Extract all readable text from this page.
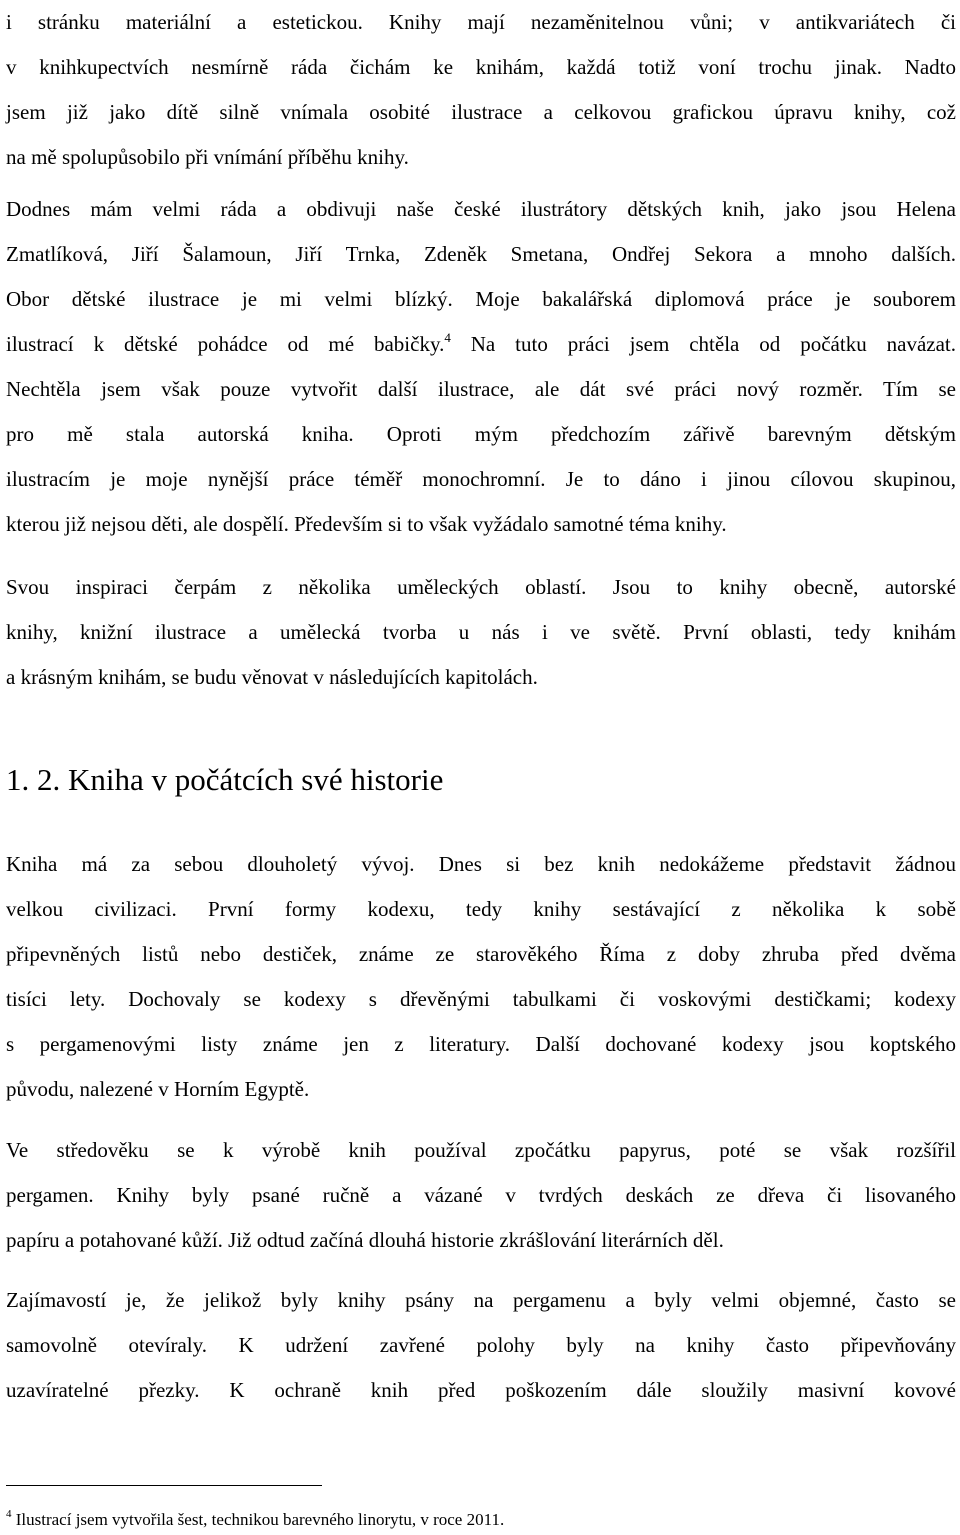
i stránku materiální a estetickou. Knihy mají nezaměnitelnou vůni; v antikvariátech či
v knihkupectvích nesmírně ráda čichám ke knihám, každá totiž voní trochu jinak. Nadto
jsem již jako dítě silně vnímala osobité ilustrace a celkovou grafickou úpravu knihy, což
na mě spolupůsobilo při vnímání příběhu knihy.

Dodnes mám velmi ráda a obdivuji naše české ilustrátory dětských knih, jako jsou Helena
Zmatlíková, Jiří Šalamoun, Jiří Trnka, Zdeněk Smetana, Ondřej Sekora a mnoho dalších.
Obor dětské ilustrace je mi velmi blízký. Moje bakalářská diplomová práce je souborem
ilustrací k dětské pohádce od mé babičky.$^4$ Na tuto práci jsem chtěla od počátku navázat.
Nechtěla jsem však pouze vytvořit další ilustrace, ale dát své práci nový rozměr. Tím se
pro mě stala autorská kniha. Oproti mým předchozím zářivě barevným dětským
ilustracím je moje nynější práce téměř monochromní. Je to dáno i jinou cílovou skupinou,
kterou již nejsou děti, ale dospělí. Především si to však vyžádalo samotné téma knihy.

Svou inspiraci čerpám z několika uměleckých oblastí. Jsou to knihy obecně, autorské
knihy, knižní ilustrace a umělecká tvorba u nás i ve světě. První oblasti, tedy knihám
a krásným knihám, se budu věnovat v následujících kapitolách.

1. 2. Kniha v počátcích své historie

Kniha má za sebou dlouholetý vývoj. Dnes si bez knih nedokážeme představit žádnou
velkou civilizaci. První formy kodexu, tedy knihy sestávající z několika k sobě
připevněných listů nebo destiček, známe ze starověkého Říma z doby zhruba před dvěma
tisíci lety. Dochovaly se kodexy s dřevěnými tabulkami či voskovými destičkami; kodexy
s pergamenovými listy známe jen z literatury. Další dochované kodexy jsou koptského
původu, nalezené v Horním Egyptě.

Ve středověku se k výrobě knih používal zpočátku papyrus, poté se však rozšířil
pergamen. Knihy byly psané ručně a vázané v tvrdých deskách ze dřeva či lisovaného
papíru a potahované kůží. Již odtud začíná dlouhá historie zkrášlování literárních děl.

Zajímavostí je, že jelikož byly knihy psány na pergamenu a byly velmi objemné, často se
samovolně otevíraly. K udržení zavřené polohy byly na knihy často připevňovány
uzavíratelné přezky. K ochraně knih před poškozením dále sloužily masivní kovové

$^4$ Ilustrací jsem vytvořila šest, technikou barevného linorytu, v roce 2011.
